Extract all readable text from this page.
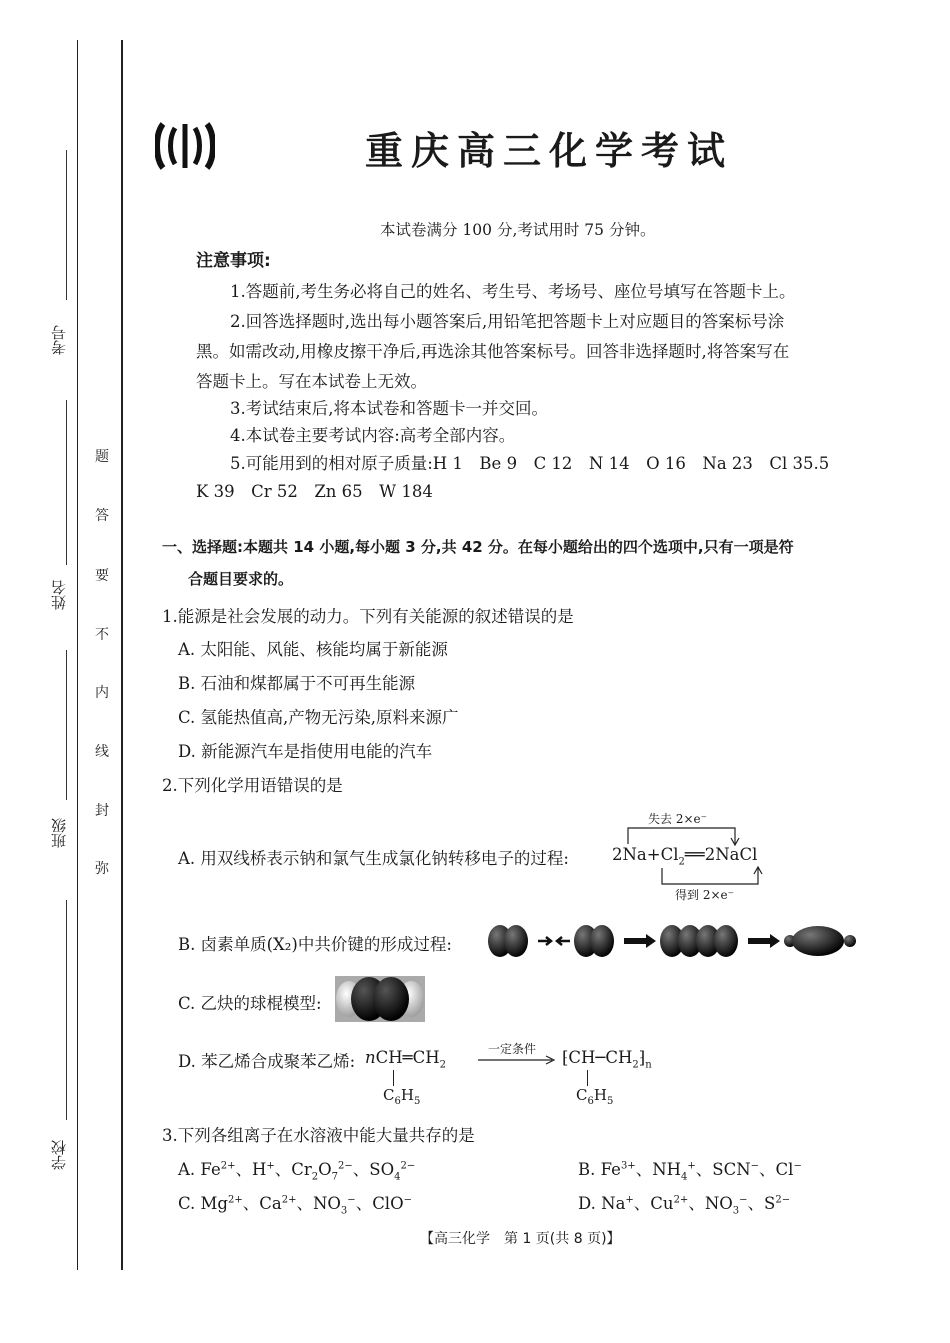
考号
姓名
班级
学校
题
答
要
不
内
线
封
弥
重庆高三化学考试
本试卷满分 100 分,考试用时 75 分钟。
注意事项:
1.答题前,考生务必将自己的姓名、考生号、考场号、座位号填写在答题卡上。
2.回答选择题时,选出每小题答案后,用铅笔把答题卡上对应题目的答案标号涂
黑。如需改动,用橡皮擦干净后,再选涂其他答案标号。回答非选择题时,将答案写在
答题卡上。写在本试卷上无效。
3.考试结束后,将本试卷和答题卡一并交回。
4.本试卷主要考试内容:高考全部内容。
5.可能用到的相对原子质量:H 1　Be 9　C 12　N 14　O 16　Na 23　Cl 35.5
K 39　Cr 52　Zn 65　W 184
一、选择题:本题共 14 小题,每小题 3 分,共 42 分。在每小题给出的四个选项中,只有一项是符
合题目要求的。
1.能源是社会发展的动力。下列有关能源的叙述错误的是
A. 太阳能、风能、核能均属于新能源
B. 石油和煤都属于不可再生能源
C. 氢能热值高,产物无污染,原料来源广
D. 新能源汽车是指使用电能的汽车
2.下列化学用语错误的是
A. 用双线桥表示钠和氯气生成氯化钠转移电子的过程:	$2Na+Cl_2══2NaCl$
失去 2×e⁻
得到 2×e⁻
B. 卤素单质(X₂)中共价键的形成过程:
C. 乙炔的球棍模型:
D. 苯乙烯合成聚苯乙烯: $nCH═CH_2$
$C_6H_5$
一定条件 $⁅CH─CH_2⁆_n$
$C_6H_5$
3.下列各组离子在水溶液中能大量共存的是
A. $Fe^{2+}$、H+、$Cr_2O_7^{2-}$、$SO_4^{2-}$	B. $Fe^{3+}$、$NH_4^+$、SCN−、Cl−
C. $Mg^{2+}$、$Ca^{2+}$、$NO_3^-$、ClO−	D. Na+、$Cu^{2+}$、$NO_3^-$、$S^{2-}$
【高三化学　第 1 页(共 8 页)】
